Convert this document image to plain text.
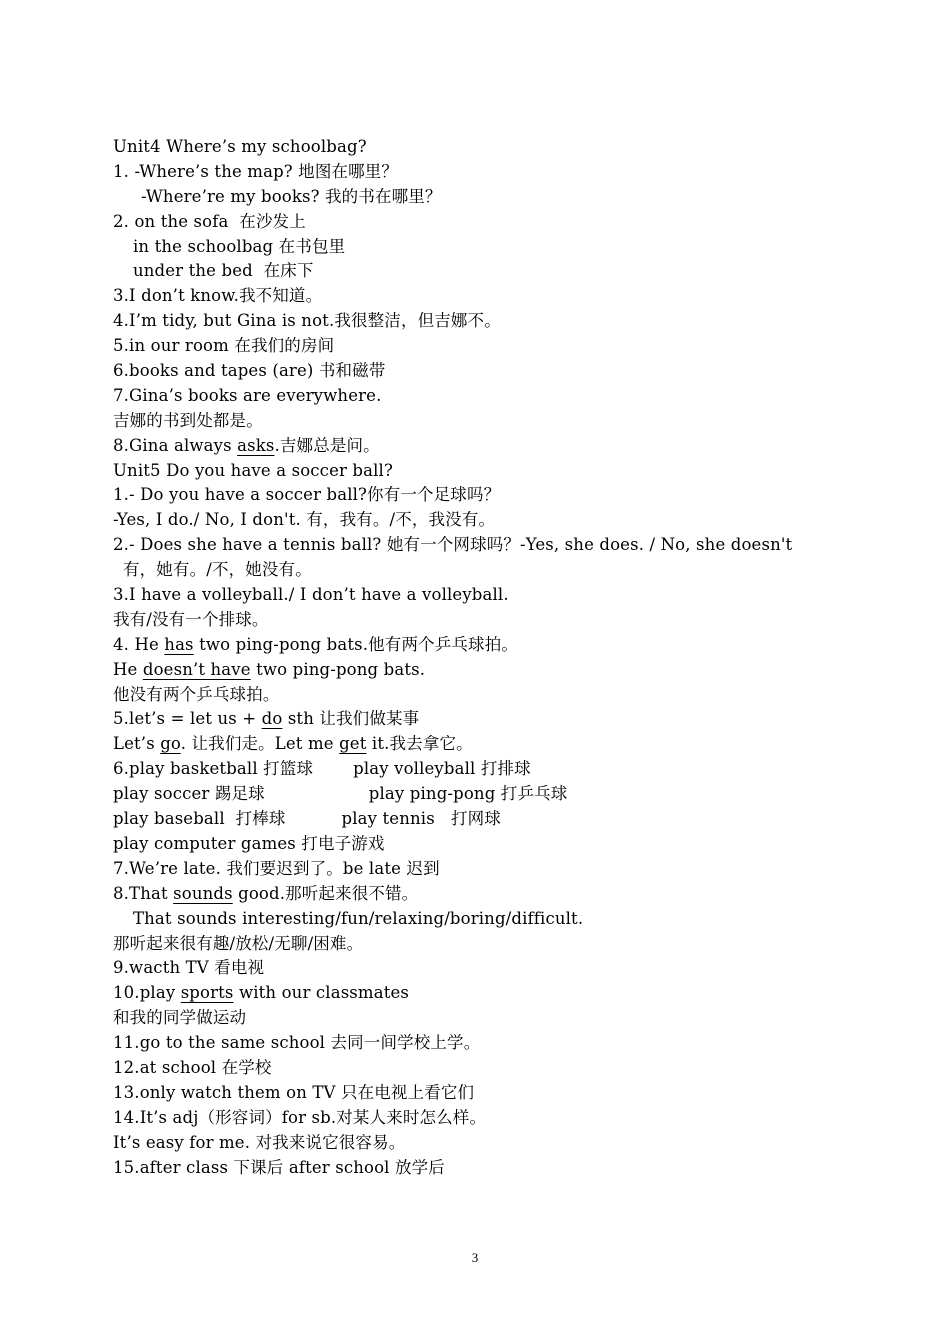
Unit4 Where’s my schoolbag?
1. -Where’s the map? 地图在哪里？
-Where’re my books? 我的书在哪里？
2. on the sofa  在沙发上
in the schoolbag 在书包里
under the bed  在床下
3.I don’t know.我不知道。
4.I’m tidy, but Gina is not.我很整洁，但吉娜不。
5.in our room 在我们的房间
6.books and tapes (are) 书和磁带
7.Gina’s books are everywhere.
吉娜的书到处都是。
8.Gina always asks.吉娜总是问。
Unit5 Do you have a soccer ball?
1.- Do you have a soccer ball?你有一个足球吗？
-Yes, I do./ No, I don't. 有，我有。/不，我没有。
2.- Does she have a tennis ball? 她有一个网球吗？-Yes, she does. / No, she doesn't
有，她有。/不，她没有。
3.I have a volleyball./ I don’t have a volleyball.
我有/没有一个排球。
4. He has two ping-pong bats.他有两个乒乓球拍。
He doesn’t have two ping-pong bats.
他没有两个乒乓球拍。
5.let’s = let us + do sth 让我们做某事
Let’s go. 让我们走。Let me get it.我去拿它。
6.play basketball 打篮球 play volleyball 打排球
play soccer 踢足球	play ping-pong 打乒乓球
play baseball  打棒球	play tennis   打网球
play computer games 打电子游戏
7.We’re late. 我们要迟到了。be late 迟到
8.That sounds good.那听起来很不错。
That sounds interesting/fun/relaxing/boring/difficult.
那听起来很有趣/放松/无聊/困难。
9.wacth TV 看电视
10.play sports with our classmates
和我的同学做运动
11.go to the same school 去同一间学校上学。
12.at school 在学校
13.only watch them on TV 只在电视上看它们
14.It’s adj（形容词）for sb.对某人来时怎么样。
It’s easy for me. 对我来说它很容易。
15.after class 下课后 after school 放学后
3
